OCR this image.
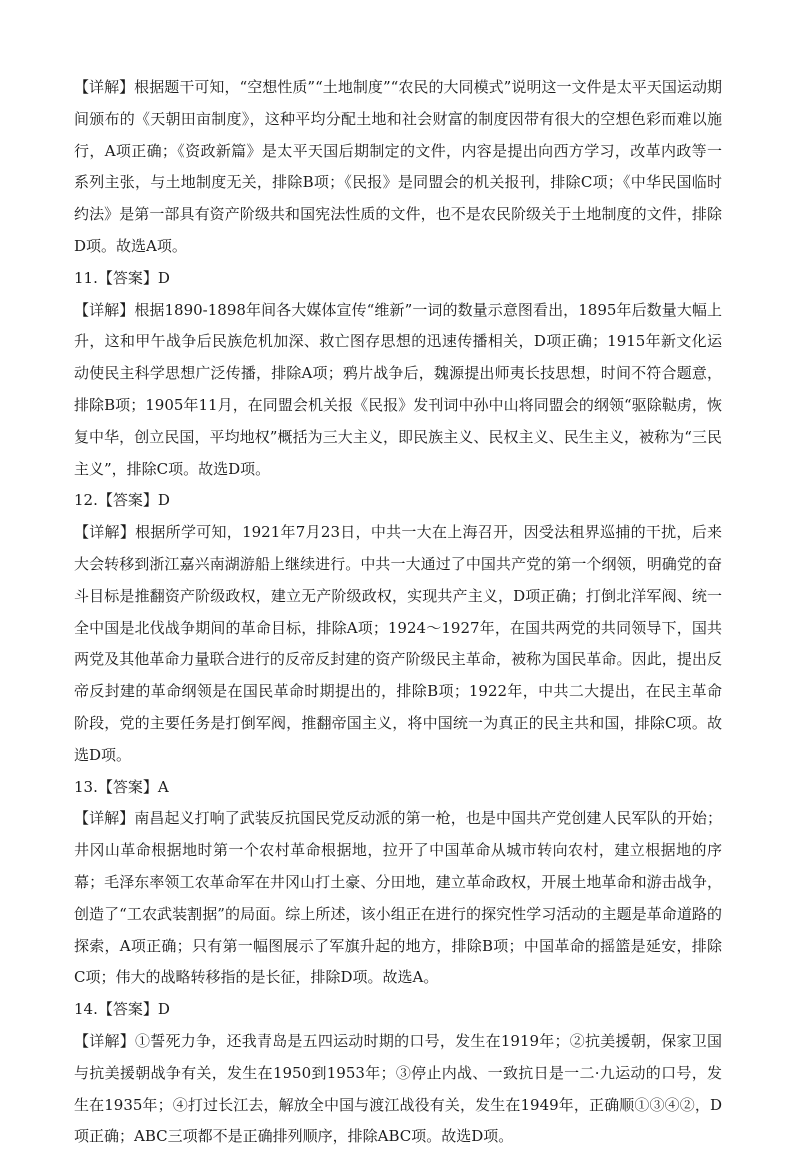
【详解】根据题干可知，“空想性质”“土地制度”“农民的大同模式”说明这一文件是太平天国运动期间颁布的《天朝田亩制度》，这种平均分配土地和社会财富的制度因带有很大的空想色彩而难以施行，A项正确；《资政新篇》是太平天国后期制定的文件，内容是提出向西方学习，改革内政等一系列主张，与土地制度无关，排除B项；《民报》是同盟会的机关报刊，排除C项；《中华民国临时约法》是第一部具有资产阶级共和国宪法性质的文件，也不是农民阶级关于土地制度的文件，排除D项。故选A项。

11.【答案】D

【详解】根据1890-1898年间各大媒体宣传“维新”一词的数量示意图看出，1895年后数量大幅上升，这和甲午战争后民族危机加深、救亡图存思想的迅速传播相关，D项正确；1915年新文化运动使民主科学思想广泛传播，排除A项；鸦片战争后，魏源提出师夷长技思想，时间不符合题意，排除B项；1905年11月，在同盟会机关报《民报》发刊词中孙中山将同盟会的纲领“驱除鞑虏，恢复中华，创立民国，平均地权”概括为三大主义，即民族主义、民权主义、民生主义，被称为“三民主义”，排除C项。故选D项。

12.【答案】D

【详解】根据所学可知，1921年7月23日，中共一大在上海召开，因受法租界巡捕的干扰，后来大会转移到浙江嘉兴南湖游船上继续进行。中共一大通过了中国共产党的第一个纲领，明确党的奋斗目标是推翻资产阶级政权，建立无产阶级政权，实现共产主义，D项正确；打倒北洋军阀、统一全中国是北伐战争期间的革命目标，排除A项；1924～1927年，在国共两党的共同领导下，国共两党及其他革命力量联合进行的反帝反封建的资产阶级民主革命，被称为国民革命。因此，提出反帝反封建的革命纲领是在国民革命时期提出的，排除B项；1922年，中共二大提出，在民主革命阶段，党的主要任务是打倒军阀，推翻帝国主义，将中国统一为真正的民主共和国，排除C项。故选D项。

13.【答案】A

【详解】南昌起义打响了武装反抗国民党反动派的第一枪，也是中国共产党创建人民军队的开始；井冈山革命根据地时第一个农村革命根据地，拉开了中国革命从城市转向农村，建立根据地的序幕；毛泽东率领工农革命军在井冈山打土豪、分田地，建立革命政权，开展土地革命和游击战争，创造了“工农武装割据”的局面。综上所述，该小组正在进行的探究性学习活动的主题是革命道路的探索，A项正确；只有第一幅图展示了军旗升起的地方，排除B项；中国革命的摇篮是延安，排除C项；伟大的战略转移指的是长征，排除D项。故选A。

14.【答案】D

【详解】①誓死力争，还我青岛是五四运动时期的口号，发生在1919年；②抗美援朝，保家卫国与抗美援朝战争有关，发生在1950到1953年；③停止内战、一致抗日是一二·九运动的口号，发生在1935年；④打过长江去，解放全中国与渡江战役有关，发生在1949年，正确顺①③④②，D项正确；ABC三项都不是正确排列顺序，排除ABC项。故选D项。
